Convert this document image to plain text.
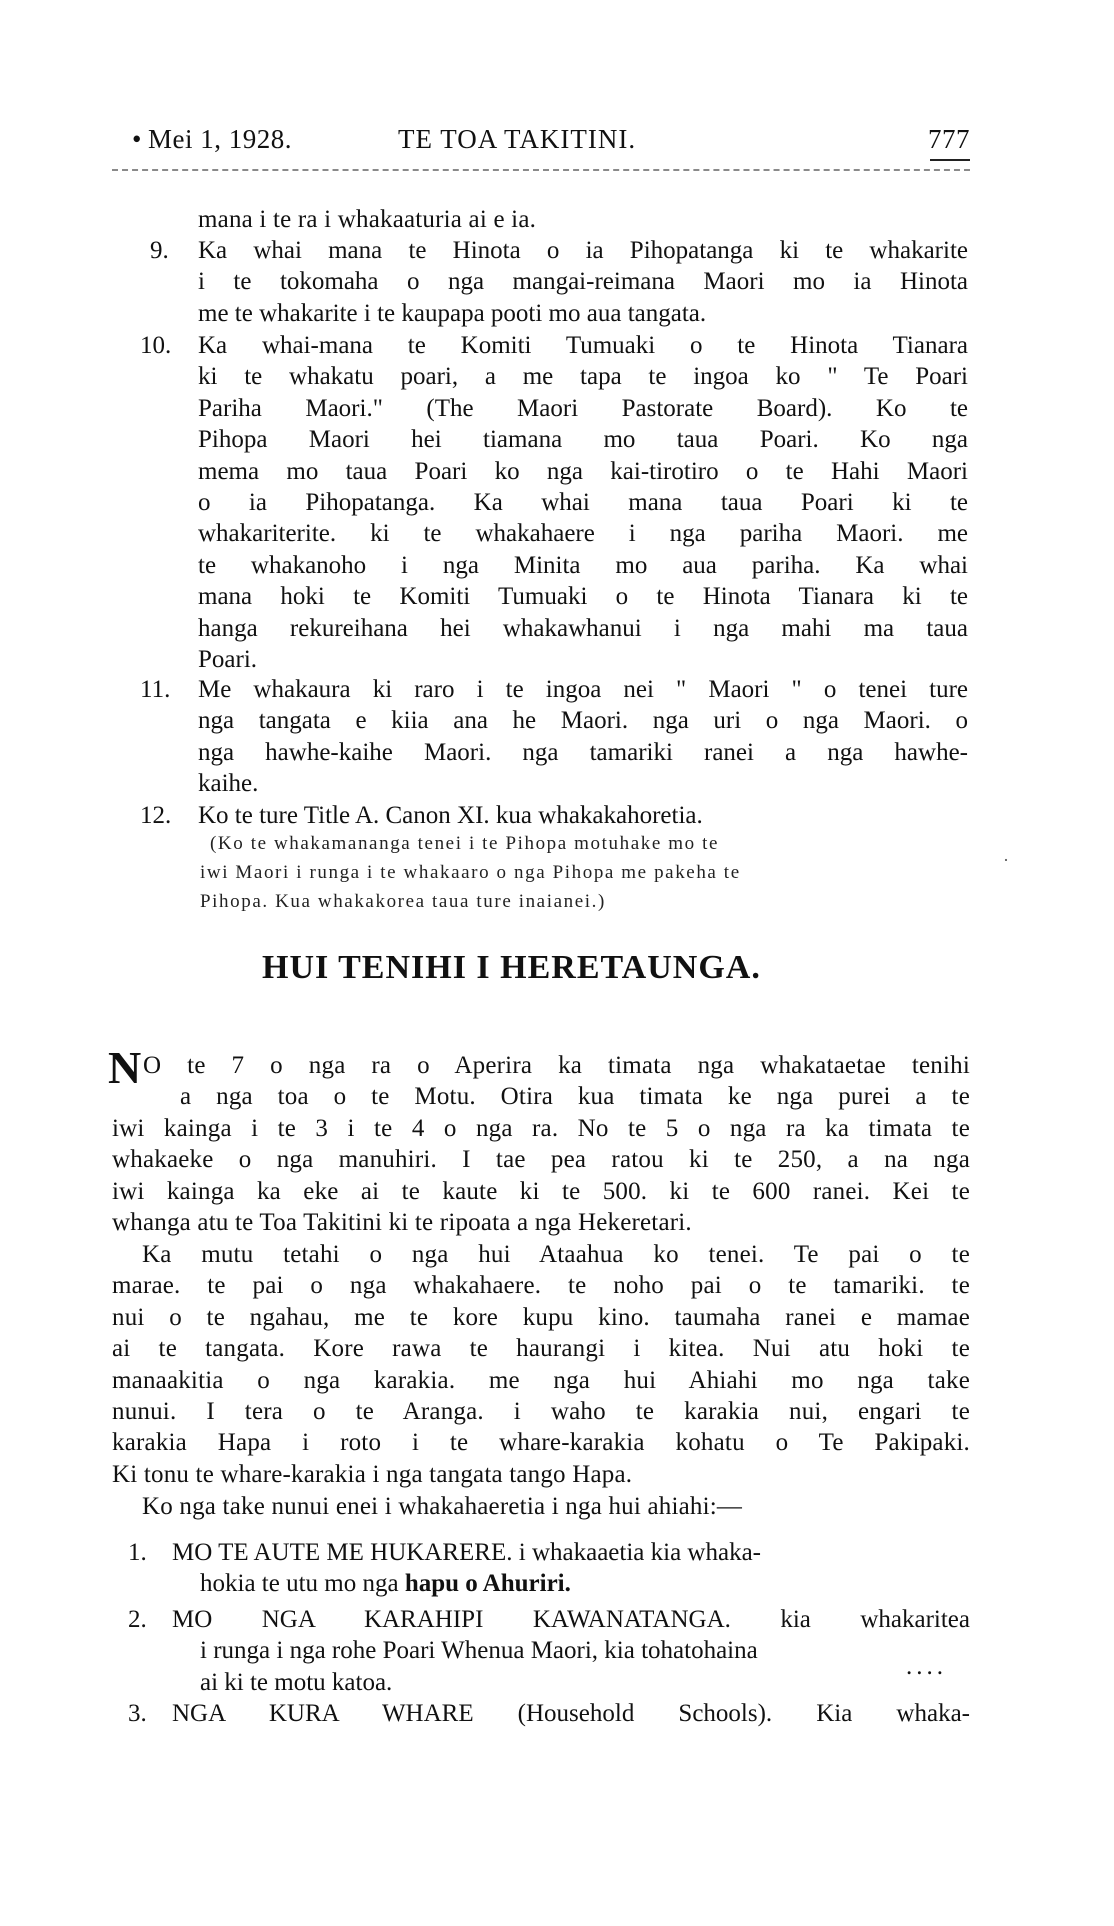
• Mei 1, 1928.	TE TOA TAKITINI.	777
mana i te ra i whakaaturia ai e ia.
9. Ka whai mana te Hinota o ia Pihopatanga ki te whakarite
i te tokomaha o nga mangai-reimana Maori mo ia Hinota
me te whakarite i te kaupapa pooti mo aua tangata.
10. Ka whai-mana te Komiti Tumuaki o te Hinota Tianara
ki te whakatu poari, a me tapa te ingoa ko " Te Poari
Pariha Maori." (The Maori Pastorate Board). Ko te
Pihopa Maori hei tiamana mo taua Poari. Ko nga
mema mo taua Poari ko nga kai-tirotiro o te Hahi Maori
o ia Pihopatanga. Ka whai mana taua Poari ki te
whakariterite. ki te whakahaere i nga pariha Maori. me
te whakanoho i nga Minita mo aua pariha. Ka whai
mana hoki te Komiti Tumuaki o te Hinota Tianara ki te
hanga rekureihana hei whakawhanui i nga mahi ma taua
Poari.
11. Me whakaura ki raro i te ingoa nei " Maori " o tenei ture
nga tangata e kiia ana he Maori. nga uri o nga Maori. o
nga hawhe-kaihe Maori. nga tamariki ranei a nga hawhe-
kaihe.
12. Ko te ture Title A. Canon XI. kua whakakahoretia.
(Ko te whakamananga tenei i te Pihopa motuhake mo te
iwi Maori i runga i te whakaaro o nga Pihopa me pakeha te
Pihopa. Kua whakakorea taua ture inaianei.)
·
HUI TENIHI I HERETAUNGA.
N O te 7 o nga ra o Aperira ka timata nga whakataetae tenihi
a nga toa o te Motu. Otira kua timata ke nga purei a te
iwi kainga i te 3 i te 4 o nga ra. No te 5 o nga ra ka timata te
whakaeke o nga manuhiri. I tae pea ratou ki te 250, a na nga
iwi kainga ka eke ai te kaute ki te 500. ki te 600 ranei. Kei te
whanga atu te Toa Takitini ki te ripoata a nga Hekeretari.
Ka mutu tetahi o nga hui Ataahua ko tenei. Te pai o te
marae. te pai o nga whakahaere. te noho pai o te tamariki. te
nui o te ngahau, me te kore kupu kino. taumaha ranei e mamae
ai te tangata. Kore rawa te haurangi i kitea. Nui atu hoki te
manaakitia o nga karakia. me nga hui Ahiahi mo nga take
nunui. I tera o te Aranga. i waho te karakia nui, engari te
karakia Hapa i roto i te whare-karakia kohatu o Te Pakipaki.
Ki tonu te whare-karakia i nga tangata tango Hapa.
Ko nga take nunui enei i whakahaeretia i nga hui ahiahi:—
1. MO TE AUTE ME HUKARERE. i whakaaetia kia whaka-
hokia te utu mo nga hapu o Ahuriri.
2. MO NGA KARAHIPI KAWANATANGA. kia whakaritea
i runga i nga rohe Poari Whenua Maori, kia tohatohaina
ai ki te motu katoa.
....
3. NGA KURA WHARE (Household Schools). Kia whaka-
